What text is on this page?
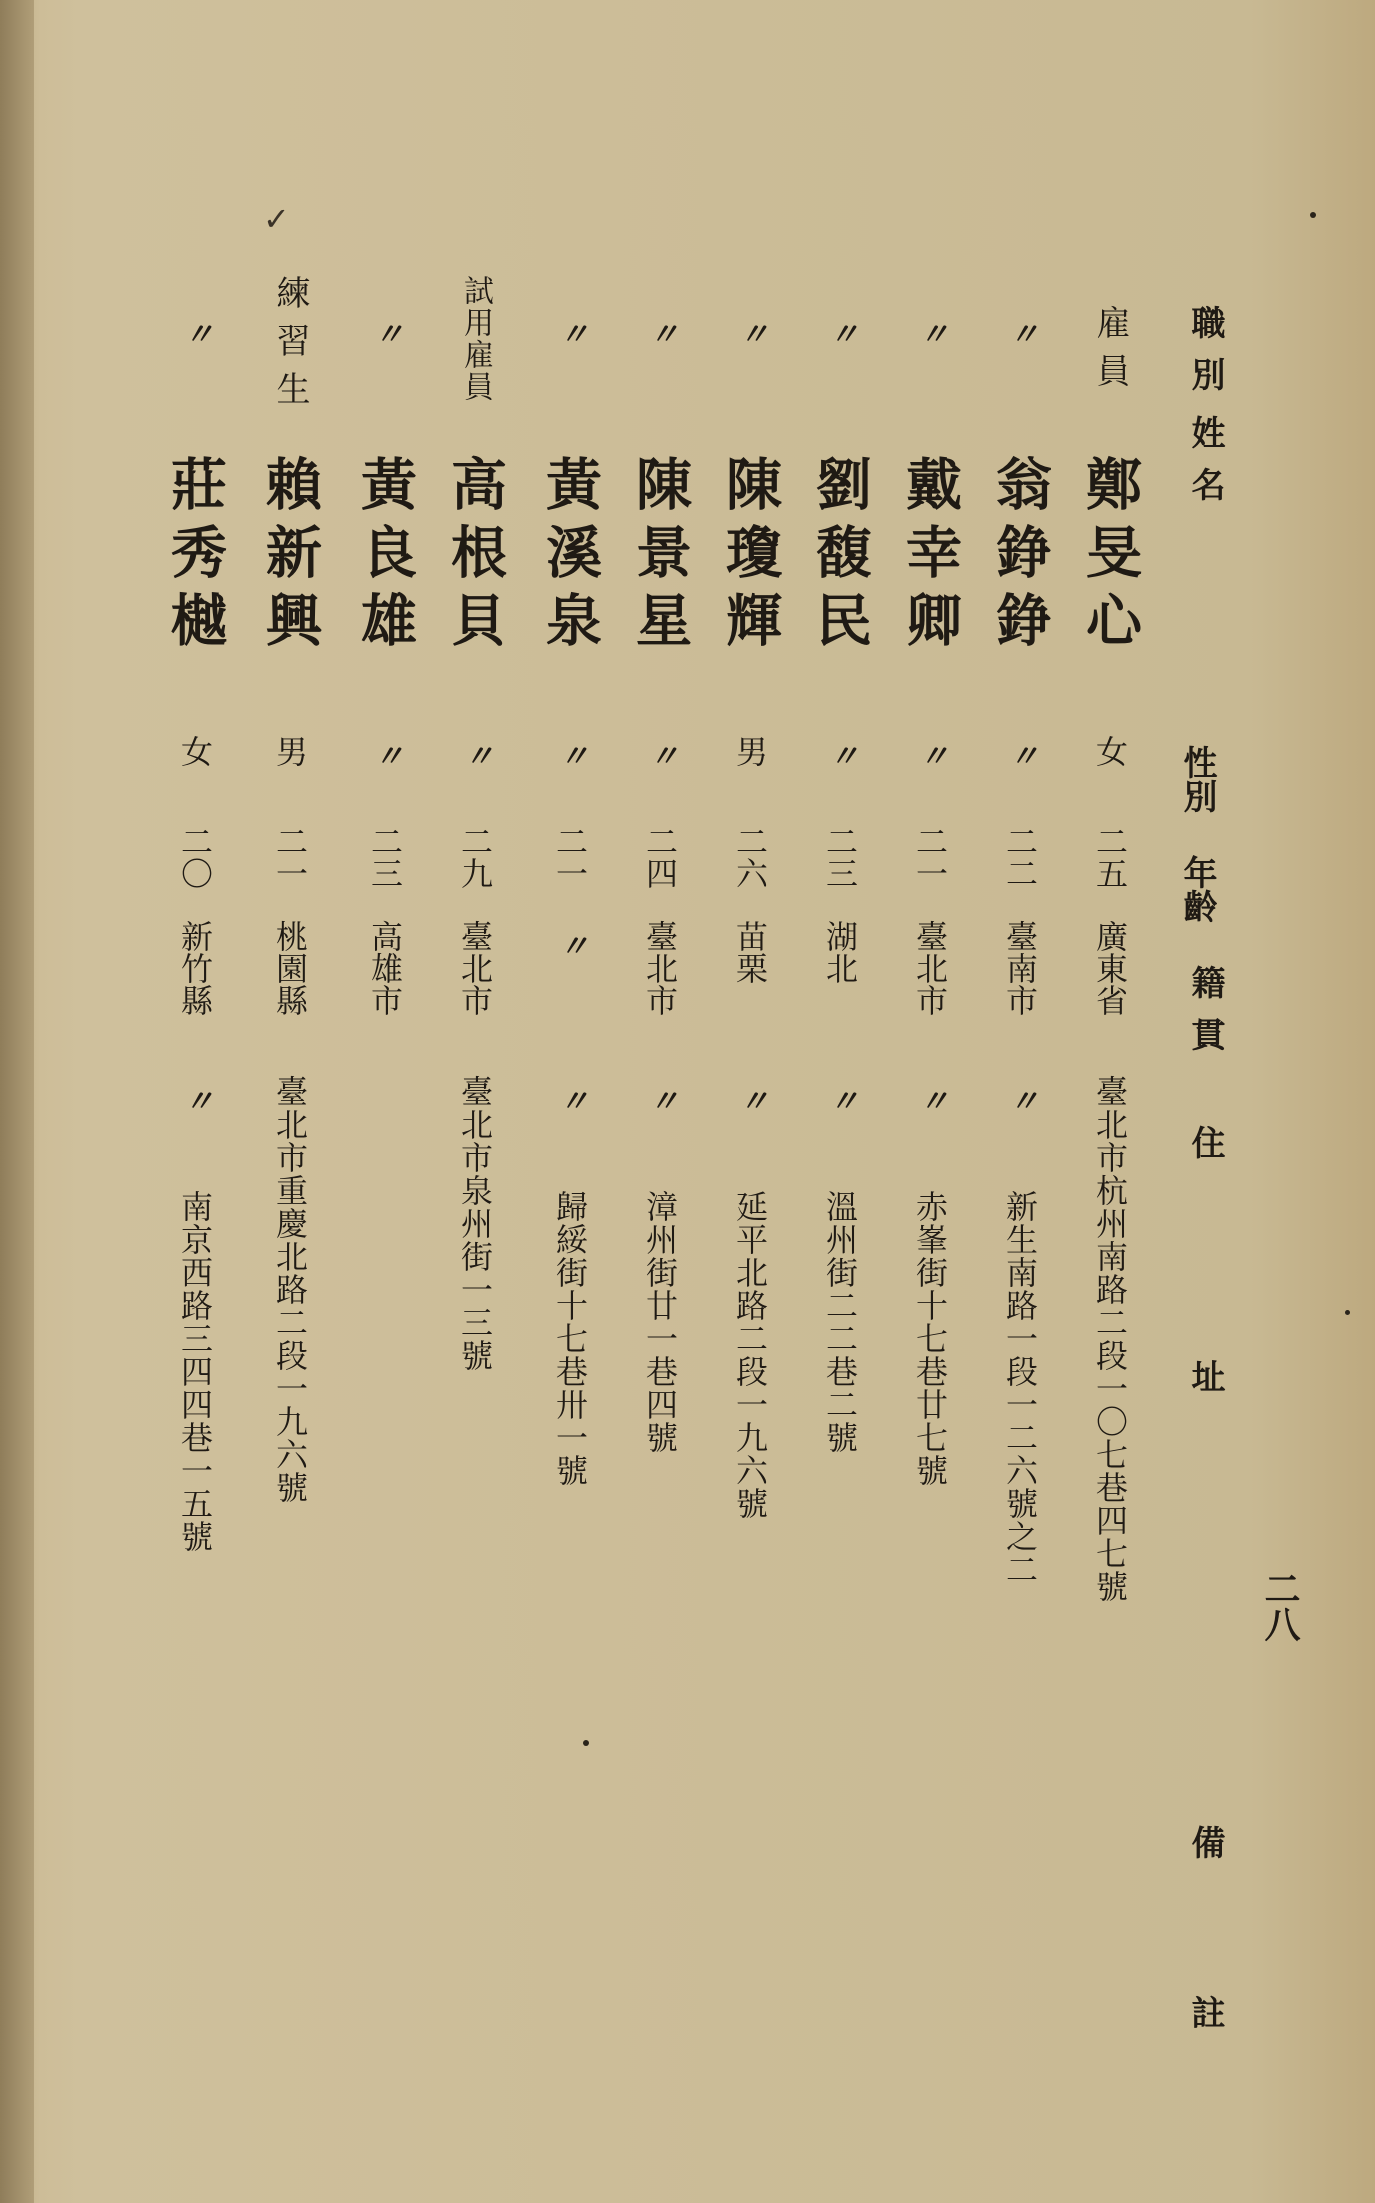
二八
職別
姓名
性別
年齡
籍貫
住址
備
註
雇員
鄭旻心
女
二五
廣東省
臺北市杭州南路二段一〇七巷四七號
〃
翁錚錚
〃
二二
臺南市
〃
新生南路一段一二六號之二
〃
戴幸卿
〃
二一
臺北市
〃
赤峯街十七巷廿七號
〃
劉馥民
〃
二三
湖北
〃
溫州街二二巷二號
〃
陳瓊輝
男
二六
苗栗
〃
延平北路二段一九六號
〃
陳景星
〃
二四
臺北市
〃
漳州街廿一巷四號
〃
黃溪泉
〃
二一
〃
〃
歸綏街十七巷卅一號
試用雇員
高根貝
〃
二九
臺北市
臺北市泉州街一三號
〃
黃良雄
〃
二三
高雄市
✓
練習生
賴新興
男
二一
桃園縣
臺北市重慶北路二段一九六號
〃
莊秀樾
女
二〇
新竹縣
〃
南京西路三四四巷一五號
